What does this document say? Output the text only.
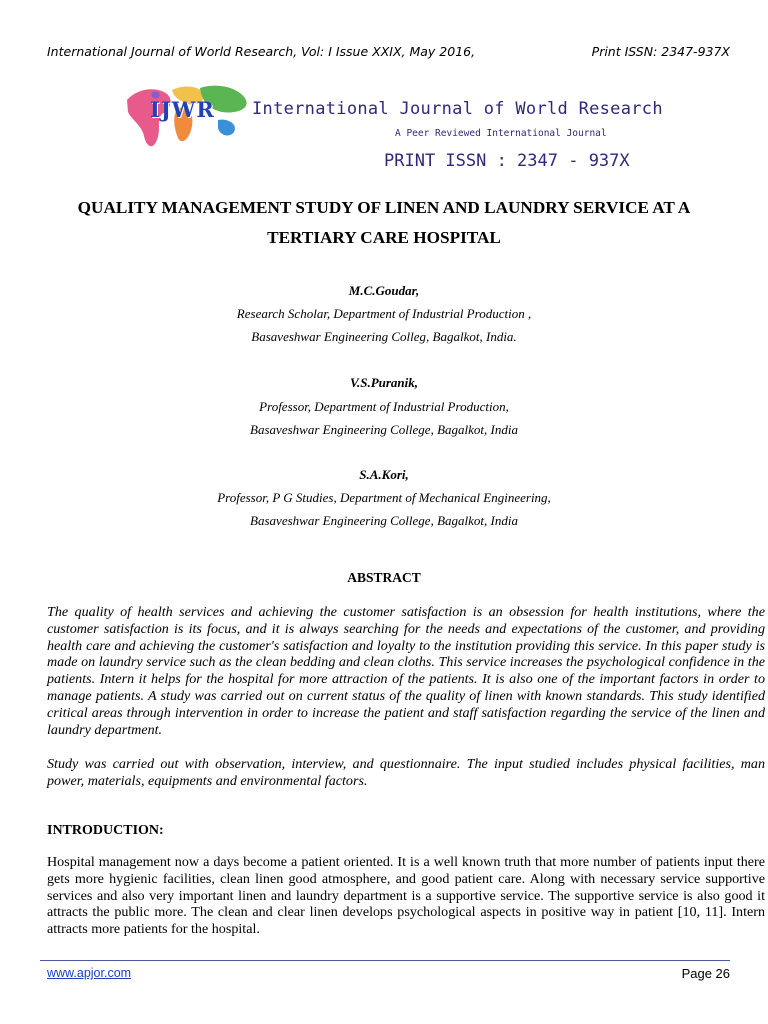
International Journal of World Research, Vol: I Issue XXIX, May 2016,	Print ISSN: 2347-937X
IJWR International Journal of World Research
A Peer Reviewed International Journal
PRINT ISSN : 2347 - 937X
QUALITY MANAGEMENT STUDY OF LINEN AND LAUNDRY SERVICE AT A
TERTIARY CARE HOSPITAL
M.C.Goudar,
Research Scholar, Department of Industrial Production ,
Basaveshwar Engineering Colleg, Bagalkot, India.
V.S.Puranik,
Professor, Department of Industrial Production,
Basaveshwar Engineering College, Bagalkot, India
S.A.Kori,
Professor, P G Studies, Department of Mechanical Engineering,
Basaveshwar Engineering College, Bagalkot, India
ABSTRACT
The quality of health services and achieving the customer satisfaction is an obsession for health institutions, where the customer satisfaction is its focus, and it is always searching for the needs and expectations of the customer, and providing health care and achieving the customer's satisfaction and loyalty to the institution providing this service. In this paper study is made on laundry service such as the clean bedding and clean cloths. This service increases the psychological confidence in the patients. Intern it helps for the hospital for more attraction of the patients. It is also one of the important factors in order to manage patients. A study was carried out on current status of the quality of linen with known standards. This study identified critical areas through intervention in order to increase the patient and staff satisfaction regarding the service of the linen and laundry department.
Study was carried out with observation, interview, and questionnaire. The input studied includes physical facilities, man power, materials, equipments and environmental factors.
INTRODUCTION:
Hospital management now a days become a patient oriented. It is a well known truth that more number of patients input there gets more hygienic facilities, clean linen good atmosphere, and good patient care. Along with necessary service supportive services and also very important linen and laundry department is a supportive service. The supportive service is also good it attracts the public more. The clean and clear linen develops psychological aspects in positive way in patient [10, 11]. Intern attracts more patients for the hospital.
www.apjor.com	Page 26
